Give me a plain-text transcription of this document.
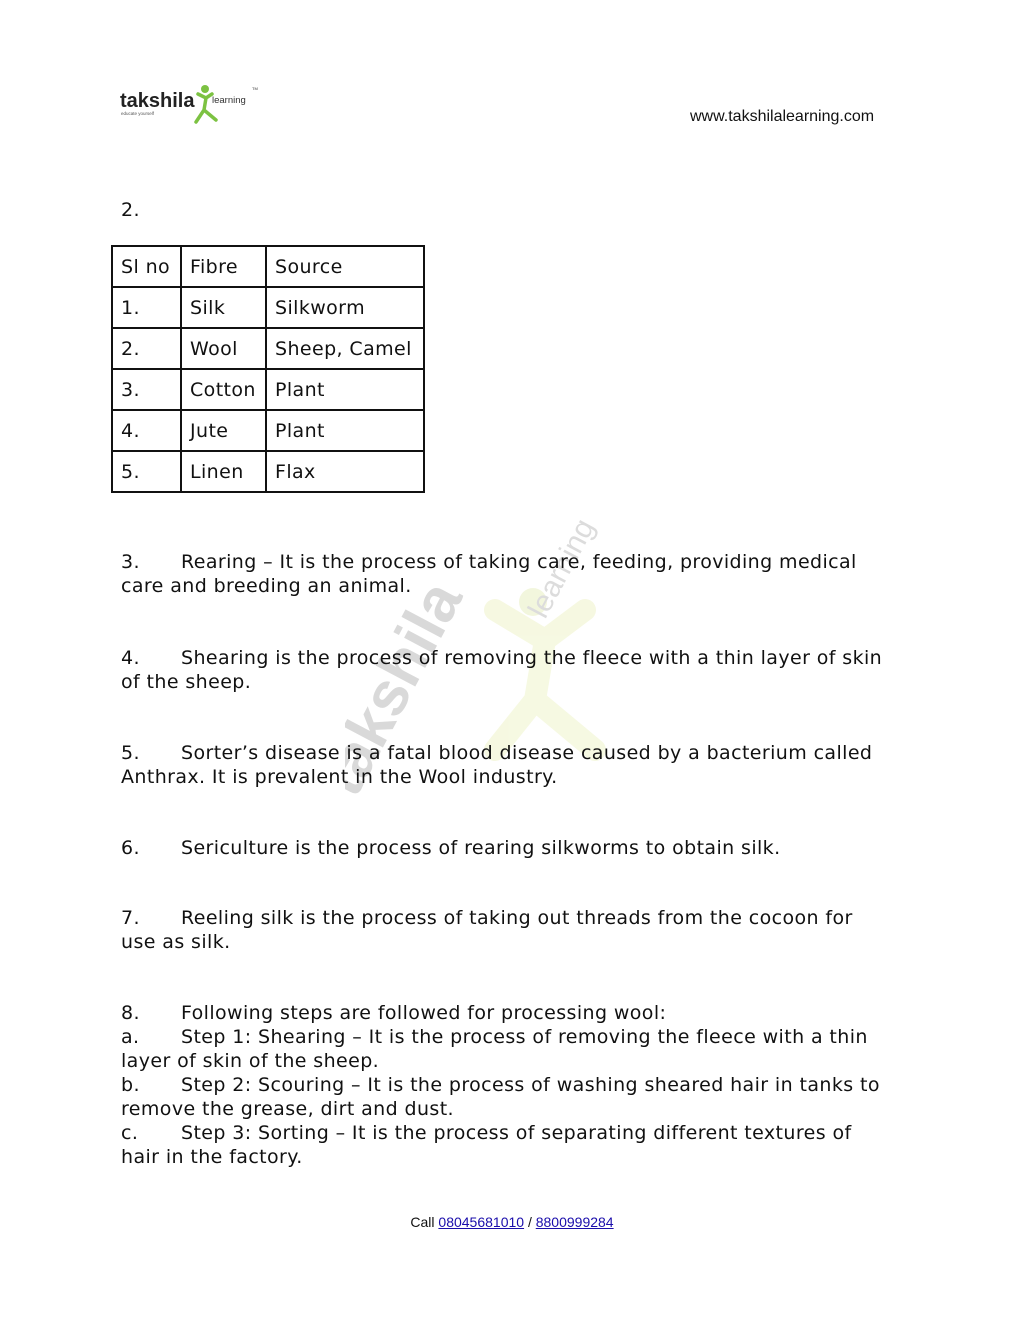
takshila learning
TM
educate yourself	www.takshilalearning.com
takshila
learning
2.
Sl no	Fibre	Source
1.	Silk	Silkworm
2.	Wool	Sheep, Camel
3.	Cotton	Plant
4.	Jute	Plant
5.	Linen	Flax
3. Rearing – It is the process of taking care, feeding, providing medical
care and breeding an animal.
4. Shearing is the process of removing the fleece with a thin layer of skin
of the sheep.
5. Sorter’s disease is a fatal blood disease caused by a bacterium called
Anthrax. It is prevalent in the Wool industry.
6. Sericulture is the process of rearing silkworms to obtain silk.
7. Reeling silk is the process of taking out threads from the cocoon for
use as silk.
8. Following steps are followed for processing wool:
a. Step 1: Shearing – It is the process of removing the fleece with a thin
layer of skin of the sheep.
b. Step 2: Scouring – It is the process of washing sheared hair in tanks to
remove the grease, dirt and dust.
c. Step 3: Sorting – It is the process of separating different textures of
hair in the factory.
Call 08045681010 / 8800999284
